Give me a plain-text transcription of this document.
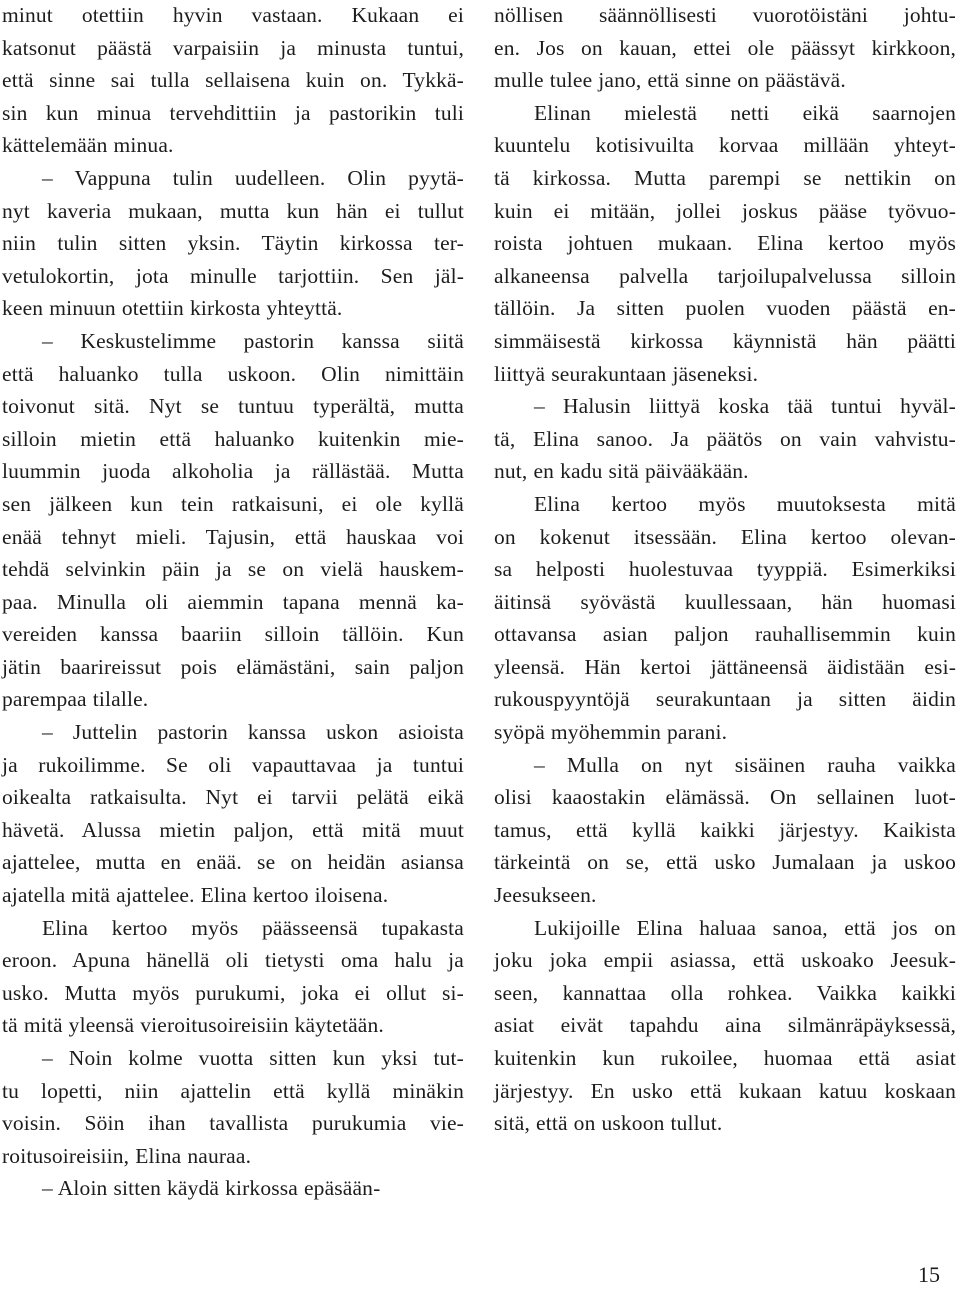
minut otettiin hyvin vastaan. Kukaan ei
katsonut päästä varpaisiin ja minusta tuntui,
että sinne sai tulla sellaisena kuin on. Tykkä-
sin kun minua tervehdittiin ja pastorikin tuli
kättelemään minua.
– Vappuna tulin uudelleen. Olin pyytä-
nyt kaveria mukaan, mutta kun hän ei tullut
niin tulin sitten yksin. Täytin kirkossa ter-
vetulokortin, jota minulle tarjottiin. Sen jäl-
keen minuun otettiin kirkosta yhteyttä.
– Keskustelimme pastorin kanssa siitä
että haluanko tulla uskoon. Olin nimittäin
toivonut sitä. Nyt se tuntuu typerältä, mutta
silloin mietin että haluanko kuitenkin mie-
luummin juoda alkoholia ja rällästää. Mutta
sen jälkeen kun tein ratkaisuni, ei ole kyllä
enää tehnyt mieli. Tajusin, että hauskaa voi
tehdä selvinkin päin ja se on vielä hauskem-
paa. Minulla oli aiemmin tapana mennä ka-
vereiden kanssa baariin silloin tällöin. Kun
jätin baarireissut pois elämästäni, sain paljon
parempaa tilalle.
– Juttelin pastorin kanssa uskon asioista
ja rukoilimme. Se oli vapauttavaa ja tuntui
oikealta ratkaisulta. Nyt ei tarvii pelätä eikä
hävetä. Alussa mietin paljon, että mitä muut
ajattelee, mutta en enää. se on heidän asiansa
ajatella mitä ajattelee. Elina kertoo iloisena.
Elina kertoo myös päässeensä tupakasta
eroon. Apuna hänellä oli tietysti oma halu ja
usko. Mutta myös purukumi, joka ei ollut si-
tä mitä yleensä vieroitusoireisiin käytetään.
– Noin kolme vuotta sitten kun yksi tut-
tu lopetti, niin ajattelin että kyllä minäkin
voisin. Söin ihan tavallista purukumia vie-
roitusoireisiin, Elina nauraa.
– Aloin sitten käydä kirkossa epäsään-
nöllisen säännöllisesti vuorotöistäni johtu-
en. Jos on kauan, ettei ole päässyt kirkkoon,
mulle tulee jano, että sinne on päästävä.
Elinan mielestä netti eikä saarnojen
kuuntelu kotisivuilta korvaa millään yhteyt-
tä kirkossa. Mutta parempi se nettikin on
kuin ei mitään, jollei joskus pääse työvuo-
roista johtuen mukaan. Elina kertoo myös
alkaneensa palvella tarjoilupalvelussa silloin
tällöin. Ja sitten puolen vuoden päästä en-
simmäisestä kirkossa käynnistä hän päätti
liittyä seurakuntaan jäseneksi.
– Halusin liittyä koska tää tuntui hyväl-
tä, Elina sanoo. Ja päätös on vain vahvistu-
nut, en kadu sitä päivääkään.
Elina kertoo myös muutoksesta mitä
on kokenut itsessään. Elina kertoo olevan-
sa helposti huolestuvaa tyyppiä. Esimerkiksi
äitinsä syövästä kuullessaan, hän huomasi
ottavansa asian paljon rauhallisemmin kuin
yleensä. Hän kertoi jättäneensä äidistään esi-
rukouspyyntöjä seurakuntaan ja sitten äidin
syöpä myöhemmin parani.
– Mulla on nyt sisäinen rauha vaikka
olisi kaaostakin elämässä. On sellainen luot-
tamus, että kyllä kaikki järjestyy. Kaikista
tärkeintä on se, että usko Jumalaan ja uskoo
Jeesukseen.
Lukijoille Elina haluaa sanoa, että jos on
joku joka empii asiassa, että uskoako Jeesuk-
seen, kannattaa olla rohkea. Vaikka kaikki
asiat eivät tapahdu aina silmänräpäyksessä,
kuitenkin kun rukoilee, huomaa että asiat
järjestyy. En usko että kukaan katuu koskaan
sitä, että on uskoon tullut.
15
